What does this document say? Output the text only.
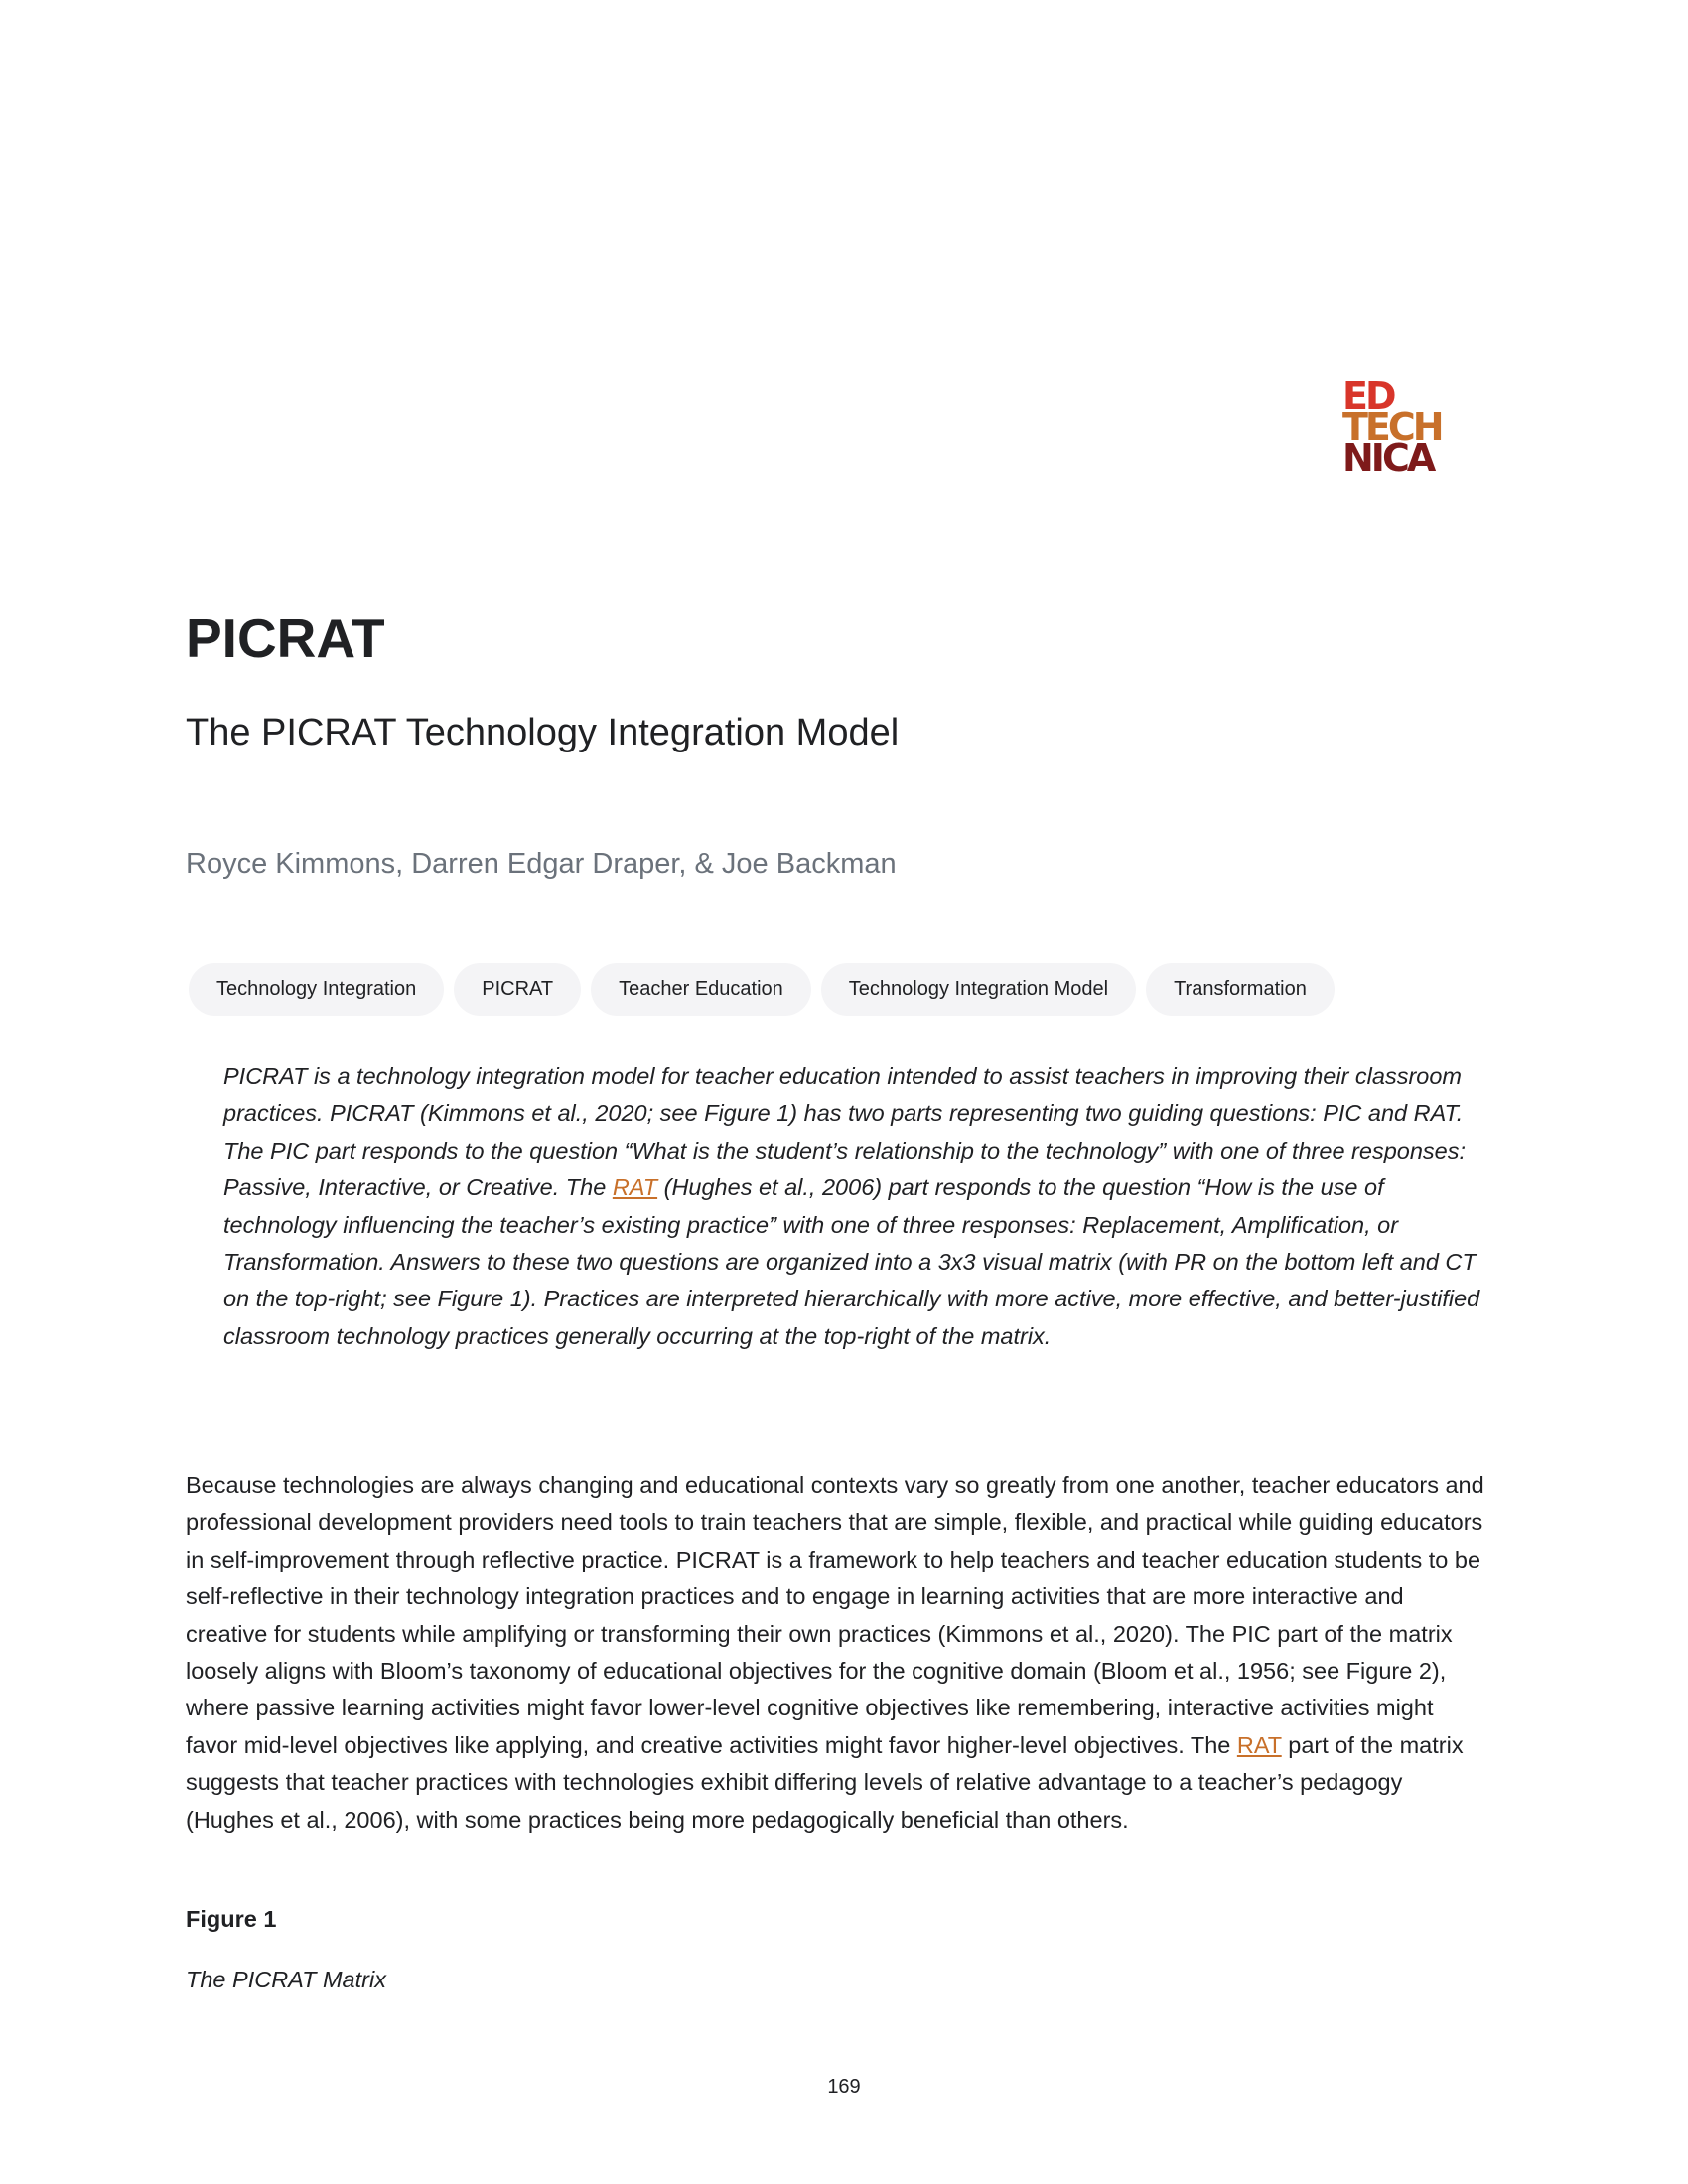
ED
TECH
NICA
PICRAT
The PICRAT Technology Integration Model

Royce Kimmons, Darren Edgar Draper, & Joe Backman

Technology Integration	PICRAT	Teacher Education	Technology Integration Model	Transformation

PICRAT is a technology integration model for teacher education intended to assist teachers in improving their classroom practices. PICRAT (Kimmons et al., 2020; see Figure 1) has two parts representing two guiding questions: PIC and RAT. The PIC part responds to the question “What is the student’s relationship to the technology” with one of three responses: Passive, Interactive, or Creative. The RAT (Hughes et al., 2006) part responds to the question “How is the use of technology influencing the teacher’s existing practice” with one of three responses: Replacement, Amplification, or Transformation. Answers to these two questions are organized into a 3x3 visual matrix (with PR on the bottom left and CT on the top-right; see Figure 1). Practices are interpreted hierarchically with more active, more effective, and better-justified classroom technology practices generally occurring at the top-right of the matrix.

Because technologies are always changing and educational contexts vary so greatly from one another, teacher educators and professional development providers need tools to train teachers that are simple, flexible, and practical while guiding educators in self-improvement through reflective practice. PICRAT is a framework to help teachers and teacher education students to be self-reflective in their technology integration practices and to engage in learning activities that are more interactive and creative for students while amplifying or transforming their own practices (Kimmons et al., 2020). The PIC part of the matrix loosely aligns with Bloom’s taxonomy of educational objectives for the cognitive domain (Bloom et al., 1956; see Figure 2), where passive learning activities might favor lower-level cognitive objectives like remembering, interactive activities might favor mid-level objectives like applying, and creative activities might favor higher-level objectives. The RAT part of the matrix suggests that teacher practices with technologies exhibit differing levels of relative advantage to a teacher’s pedagogy (Hughes et al., 2006), with some practices being more pedagogically beneficial than others.

Figure 1

The PICRAT Matrix

169
